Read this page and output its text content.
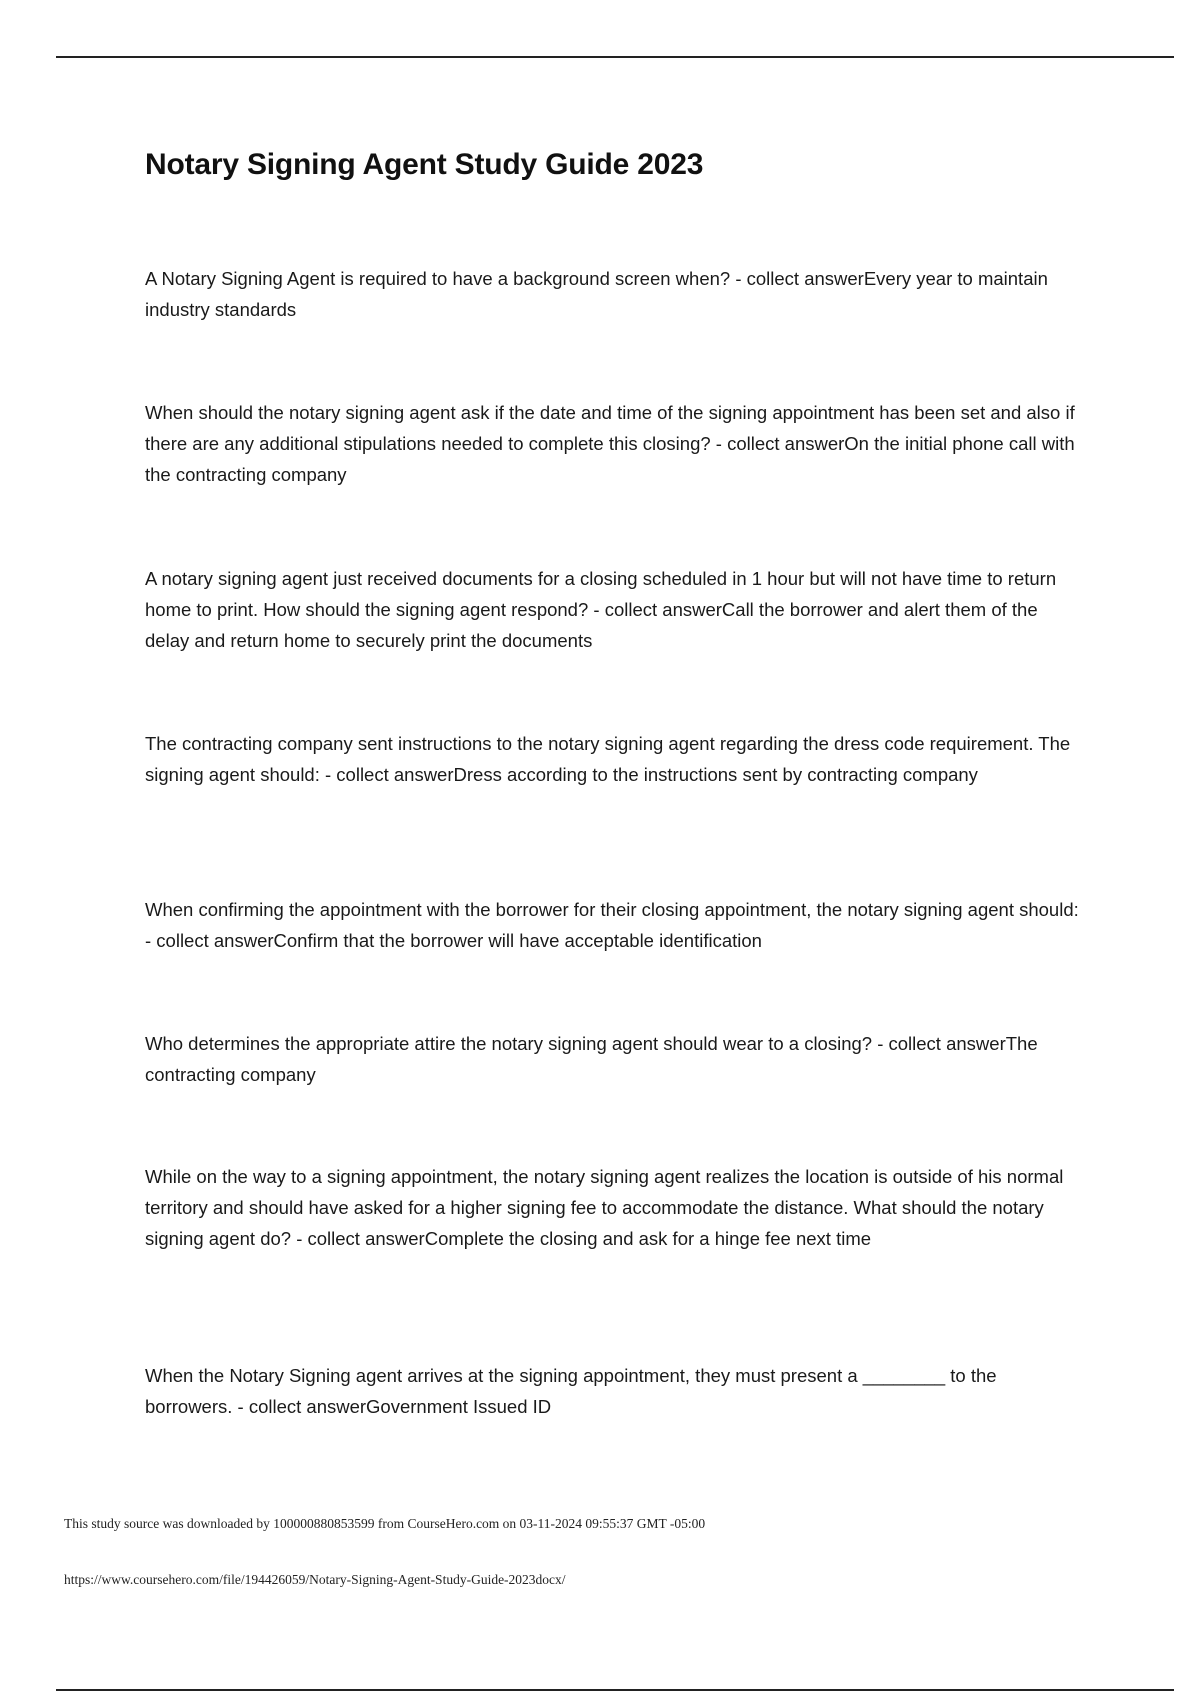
Notary Signing Agent Study Guide 2023

A Notary Signing Agent is required to have a background screen when? - collect answerEvery year to maintain industry standards

When should the notary signing agent ask if the date and time of the signing appointment has been set and also if there are any additional stipulations needed to complete this closing? - collect answerOn the initial phone call with the contracting company

A notary signing agent just received documents for a closing scheduled in 1 hour but will not have time to return home to print. How should the signing agent respond? - collect answerCall the borrower and alert them of the delay and return home to securely print the documents

The contracting company sent instructions to the notary signing agent regarding the dress code requirement. The signing agent should: - collect answerDress according to the instructions sent by contracting company

When confirming the appointment with the borrower for their closing appointment, the notary signing agent should: - collect answerConfirm that the borrower will have acceptable identification

Who determines the appropriate attire the notary signing agent should wear to a closing? - collect answerThe contracting company

While on the way to a signing appointment, the notary signing agent realizes the location is outside of his normal territory and should have asked for a higher signing fee to accommodate the distance. What should the notary signing agent do? - collect answerComplete the closing and ask for a hinge fee next time

When the Notary Signing agent arrives at the signing appointment, they must present a ________ to the borrowers. - collect answerGovernment Issued ID

This study source was downloaded by 100000880853599 from CourseHero.com on 03-11-2024 09:55:37 GMT -05:00

https://www.coursehero.com/file/194426059/Notary-Signing-Agent-Study-Guide-2023docx/
